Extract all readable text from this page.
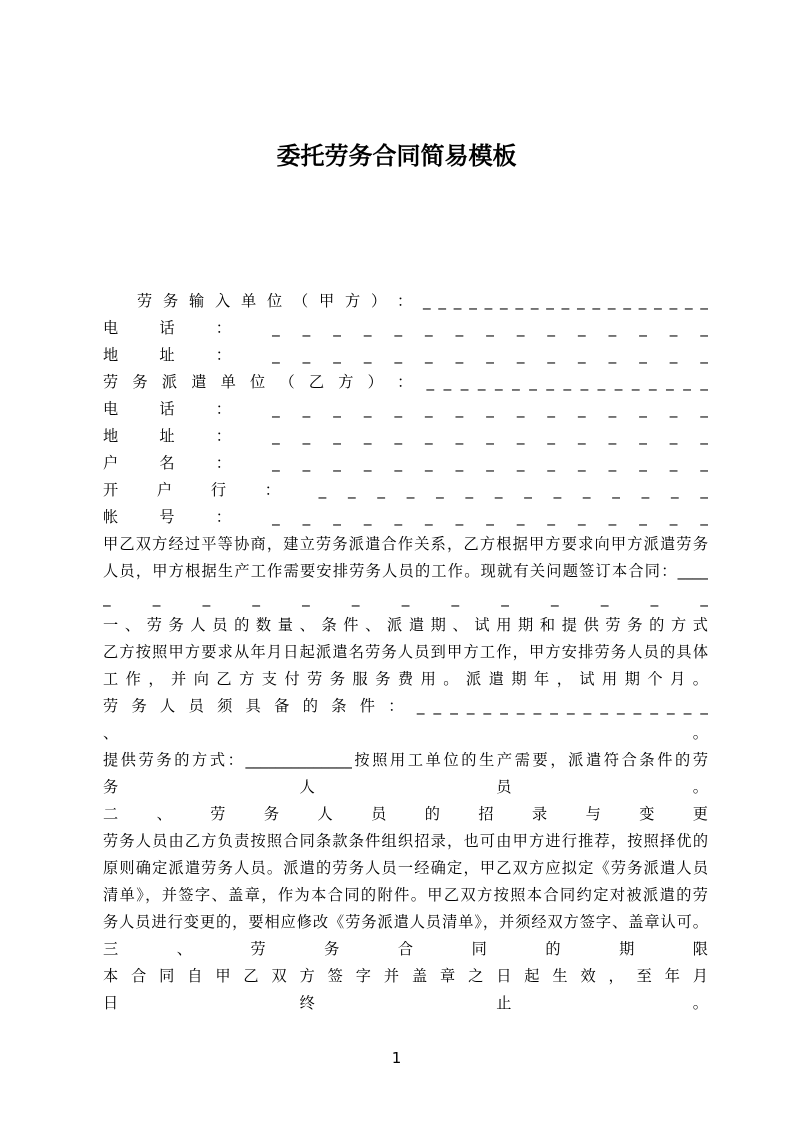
委托劳务合同简易模板
劳 务 输 入 单 位 （ 甲 方 ） ： _ _ _ _ _ _ _ _ _ _ _ _ _ _ _ _ _ _ _
电 话 ： _ _ _ _ _ _ _ _ _ _ _ _ _ _ _
地 址 ： _ _ _ _ _ _ _ _ _ _ _ _ _ _ _
劳 务 派 遣 单 位 （ 乙 方 ） ： _ _ _ _ _ _ _ _ _ _ _ _ _ _ _ _ _
电 话 ： _ _ _ _ _ _ _ _ _ _ _ _ _ _ _
地 址 ： _ _ _ _ _ _ _ _ _ _ _ _ _ _ _
户 名 ： _ _ _ _ _ _ _ _ _ _ _ _ _ _ _
开 户 行 ： _ _ _ _ _ _ _ _ _ _ _ _ _ _
帐 号 ： _ _ _ _ _ _ _ _ _ _ _ _ _ _ _
甲乙双方经过平等协商，建立劳务派遣合作关系，乙方根据甲方要求向甲方派遣劳务
人员，甲方根据生产工作需要安排劳务人员的工作。现就有关问题签订本合同：____
_ _ _ _ _ _ _ _ _ _ _ _ _
一 、 劳 务 人 员 的 数 量 、 条 件 、 派 遣 期 、 试 用 期 和 提 供 劳 务 的 方 式
乙方按照甲方要求从年月日起派遣名劳务人员到甲方工作，甲方安排劳务人员的具体
工 作 ， 并 向 乙 方 支 付 劳 务 服 务 费 用 。 派 遣 期 年 ， 试 用 期 个 月 。
劳 务 人 员 须 具 备 的 条 件 ： _ _ _ _ _ _ _ _ _ _ _ _ _ _ _ _ _ _
、 。
提供劳务的方式：______________按照用工单位的生产需要，派遣符合条件的劳
务 人 员 。
二 、 劳 务 人 员 的 招 录 与 变 更
劳务人员由乙方负责按照合同条款条件组织招录，也可由甲方进行推荐，按照择优的
原则确定派遣劳务人员。派遣的劳务人员一经确定，甲乙双方应拟定《劳务派遣人员
清单》，并签字、盖章，作为本合同的附件。甲乙双方按照本合同约定对被派遣的劳
务人员进行变更的，要相应修改《劳务派遣人员清单》，并须经双方签字、盖章认可。
三 、 劳 务 合 同 的 期 限
本 合 同 自 甲 乙 双 方 签 字 并 盖 章 之 日 起 生 效 ， 至 年 月
日 终 止 。
1
